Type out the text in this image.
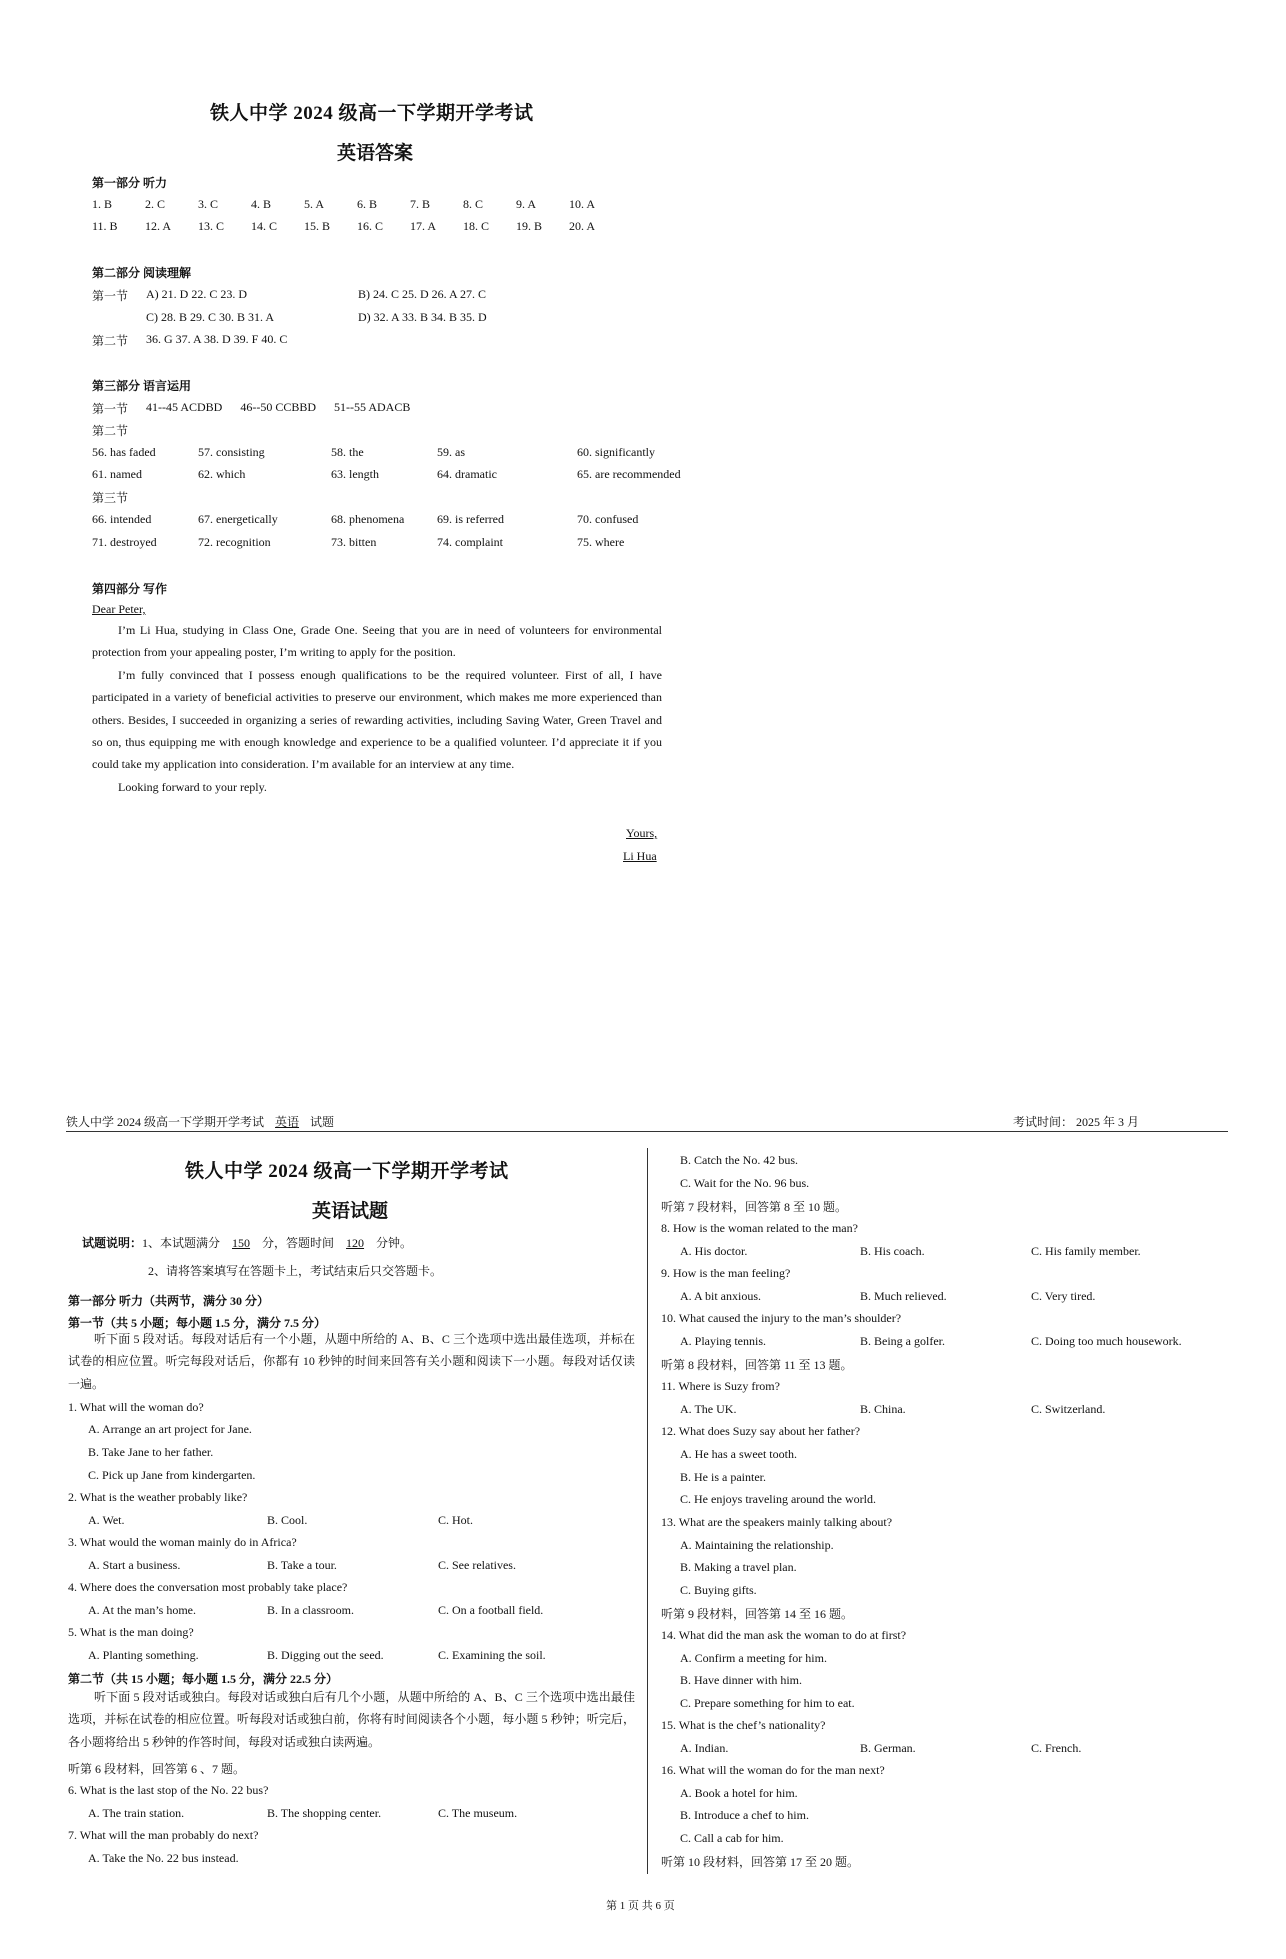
铁人中学 2024 级高一下学期开学考试
英语答案
第一部分 听力
1. B	2. C	3. C	4. B	5. A	6. B	7. B	8. C	9. A	10. A
11. B 12. A 13. C 14. C 15. B 16. C 17. A 18. C 19. B 20. A
第二部分 阅读理解
第一节 A) 21. D 22. C 23. D	B) 24. C 25. D 26. A 27. C
C) 28. B 29. C 30. B 31. A	D) 32. A 33. B 34. B 35. D
第二节 36. G 37. A 38. D 39. F 40. C
第三部分 语言运用
第一节 41--45 ACDBD      46--50 CCBBD      51--55 ADACB
第二节
56. has faded	57. consisting	58. the	59. as	60. significantly
61. named	62. which	63. length	64. dramatic	65. are recommended
第三节
66. intended	67. energetically	68. phenomena	69. is referred	70. confused
71. destroyed	72. recognition	73. bitten	74. complaint	75. where
第四部分 写作
Dear Peter,

I’m Li Hua, studying in Class One, Grade One. Seeing that you are in need of volunteers for environmental protection from your appealing poster, I’m writing to apply for the position.

I’m fully convinced that I possess enough qualifications to be the required volunteer. First of all, I have participated in a variety of beneficial activities to preserve our environment, which makes me more experienced than others. Besides, I succeeded in organizing a series of rewarding activities, including Saving Water, Green Travel and so on, thus equipping me with enough knowledge and experience to be a qualified volunteer. I’d appreciate it if you could take my application into consideration. I’m available for an interview at any time.

Looking forward to your reply.

Yours,
Li Hua
铁人中学 2024 级高一下学期开学考试 英语 试题	考试时间： 2025 年 3 月
铁人中学 2024 级高一下学期开学考试
英语试题
试题说明：1、本试题满分 150 分，答题时间 120 分钟。
2、请将答案填写在答题卡上，考试结束后只交答题卡。
第一部分 听力（共两节，满分 30 分）
第一节（共 5 小题；每小题 1.5 分，满分 7.5 分）

听下面 5 段对话。每段对话后有一个小题，从题中所给的 A、B、C 三个选项中选出最佳选项，并标在试卷的相应位置。听完每段对话后，你都有 10 秒钟的时间来回答有关小题和阅读下一小题。每段对话仅读一遍。

1. What will the woman do?
A. Arrange an art project for Jane.
B. Take Jane to her father.
C. Pick up Jane from kindergarten.
2. What is the weather probably like?
A. Wet.	B. Cool.	C. Hot.
3. What would the woman mainly do in Africa?
A. Start a business.	B. Take a tour.	C. See relatives.
4. Where does the conversation most probably take place?
A. At the man’s home.	B. In a classroom.	C. On a football field.
5. What is the man doing?
A. Planting something.	B. Digging out the seed.	C. Examining the soil.
第二节（共 15 小题；每小题 1.5 分，满分 22.5 分）

听下面 5 段对话或独白。每段对话或独白后有几个小题，从题中所给的 A、B、C 三个选项中选出最佳选项，并标在试卷的相应位置。听每段对话或独白前，你将有时间阅读各个小题，每小题 5 秒钟；听完后，各小题将给出 5 秒钟的作答时间，每段对话或独白读两遍。

听第 6 段材料，回答第 6 、7 题。
6. What is the last stop of the No. 22 bus?
A. The train station.	B. The shopping center.	C. The museum.
7. What will the man probably do next?
A. Take the No. 22 bus instead.
B. Catch the No. 42 bus.
C. Wait for the No. 96 bus.
听第 7 段材料，回答第 8 至 10 题。
8. How is the woman related to the man?
A. His doctor.	B. His coach.	C. His family member.
9. How is the man feeling?
A. A bit anxious.	B. Much relieved.	C. Very tired.
10. What caused the injury to the man’s shoulder?
A. Playing tennis.	B. Being a golfer.	C. Doing too much housework.
听第 8 段材料，回答第 11 至 13 题。
11. Where is Suzy from?
A. The UK.	B. China.	C. Switzerland.
12. What does Suzy say about her father?
A. He has a sweet tooth.
B. He is a painter.
C. He enjoys traveling around the world.
13. What are the speakers mainly talking about?
A. Maintaining the relationship.
B. Making a travel plan.
C. Buying gifts.
听第 9 段材料，回答第 14 至 16 题。
14. What did the man ask the woman to do at first?
A. Confirm a meeting for him.
B. Have dinner with him.
C. Prepare something for him to eat.
15. What is the chef’s nationality?
A. Indian.	B. German.	C. French.
16. What will the woman do for the man next?
A. Book a hotel for him.
B. Introduce a chef to him.
C. Call a cab for him.
听第 10 段材料，回答第 17 至 20 题。
第 1 页 共 6 页
